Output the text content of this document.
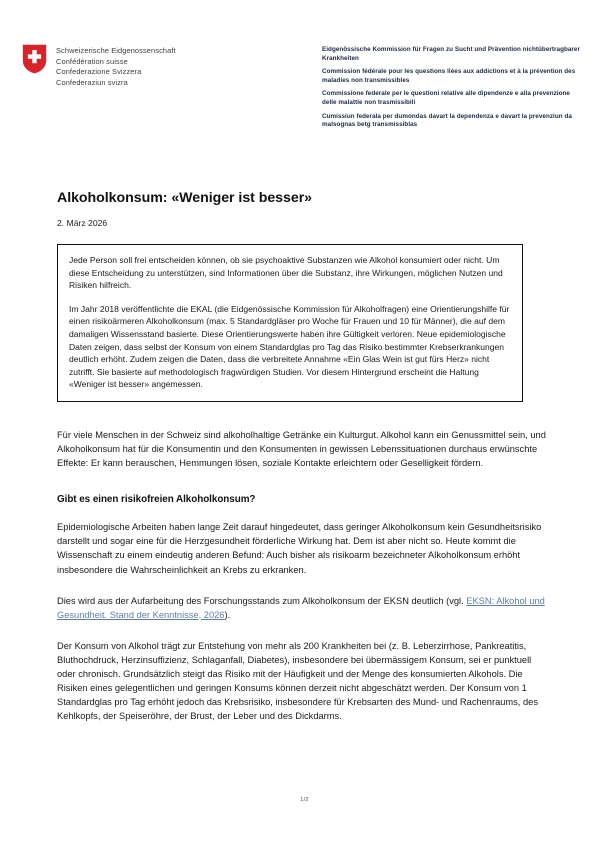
Schweizerische Eidgenossenschaft
Confédération suisse
Confederazione Svizzera
Confederaziun svizra

Eidgenössische Kommission für Fragen zu Sucht und Prävention nichtübertragbarer Krankheiten

Commission fédérale pour les questions liées aux addictions et à la prévention des maladies non transmissibles

Commissione federale per le questioni relative alle dipendenze e alla prevenzione delle malattie non trasmissibili

Cumissiun federala per dumondas davart la dependenza e davart la prevenziun da malsognas betg transmissiblas

Alkoholkonsum: «Weniger ist besser»

2. März 2026

Jede Person soll frei entscheiden können, ob sie psychoaktive Substanzen wie Alkohol konsumiert oder nicht. Um diese Entscheidung zu unterstützen, sind Informationen über die Substanz, ihre Wirkungen, möglichen Nutzen und Risiken hilfreich.

Im Jahr 2018 veröffentlichte die EKAL (die Eidgenössische Kommission für Alkoholfragen) eine Orientierungshilfe für einen risikoärmeren Alkoholkonsum (max. 5 Standardgläser pro Woche für Frauen und 10 für Männer), die auf dem damaligen Wissensstand basierte. Diese Orientierungswerte haben ihre Gültigkeit verloren. Neue epidemiologische Daten zeigen, dass selbst der Konsum von einem Standardglas pro Tag das Risiko bestimmter Krebserkrankungen deutlich erhöht. Zudem zeigen die Daten, dass die verbreitete Annahme «Ein Glas Wein ist gut fürs Herz» nicht zutrifft. Sie basierte auf methodologisch fragwürdigen Studien. Vor diesem Hintergrund erscheint die Haltung «Weniger ist besser» angemessen.

Für viele Menschen in der Schweiz sind alkoholhaltige Getränke ein Kulturgut. Alkohol kann ein Genussmittel sein, und Alkoholkonsum hat für die Konsumentin und den Konsumenten in gewissen Lebenssituationen durchaus erwünschte Effekte: Er kann berauschen, Hemmungen lösen, soziale Kontakte erleichtern oder Geselligkeit fördern.

Gibt es einen risikofreien Alkoholkonsum?

Epidemiologische Arbeiten haben lange Zeit darauf hingedeutet, dass geringer Alkoholkonsum kein Gesundheitsrisiko darstellt und sogar eine für die Herzgesundheit förderliche Wirkung hat. Dem ist aber nicht so. Heute kommt die Wissenschaft zu einem eindeutig anderen Befund: Auch bisher als risikoarm bezeichneter Alkoholkonsum erhöht insbesondere die Wahrscheinlichkeit an Krebs zu erkranken.

Dies wird aus der Aufarbeitung des Forschungsstands zum Alkoholkonsum der EKSN deutlich (vgl. EKSN: Alkohol und Gesundheit. Stand der Kenntnisse, 2026).

Der Konsum von Alkohol trägt zur Entstehung von mehr als 200 Krankheiten bei (z. B. Leberzirrhose, Pankreatitis, Bluthochdruck, Herzinsuffizienz, Schlaganfall, Diabetes), insbesondere bei übermässigem Konsum, sei er punktuell oder chronisch. Grundsätzlich steigt das Risiko mit der Häufigkeit und der Menge des konsumierten Alkohols. Die Risiken eines gelegentlichen und geringen Konsums können derzeit nicht abgeschätzt werden. Der Konsum von 1 Standardglas pro Tag erhöht jedoch das Krebsrisiko, insbesondere für Krebsarten des Mund- und Rachenraums, des Kehlkopfs, der Speiseröhre, der Brust, der Leber und des Dickdarms.

1/2
